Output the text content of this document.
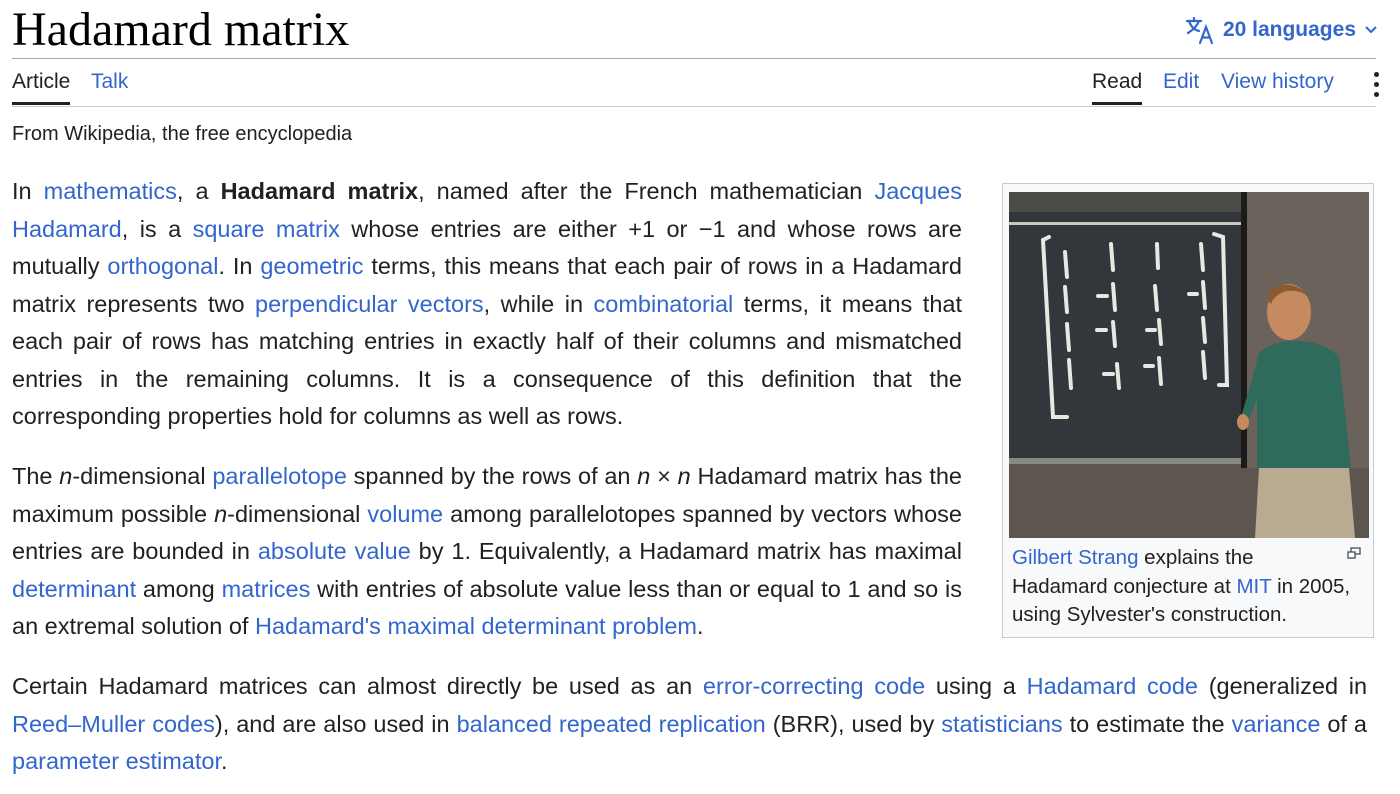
Hadamard matrix	20 languages
Article Talk	Read Edit View history
From Wikipedia, the free encyclopedia

In mathematics, a Hadamard matrix, named after the French mathematician Jacques Hadamard, is a square matrix whose entries are either +1 or −1 and whose rows are mutually orthogonal. In geometric terms, this means that each pair of rows in a Hadamard matrix represents two perpendicular vectors, while in combinatorial terms, it means that each pair of rows has matching entries in exactly half of their columns and mismatched entries in the remaining columns. It is a consequence of this definition that the corresponding properties hold for columns as well as rows.

The n-dimensional parallelotope spanned by the rows of an n × n Hadamard matrix has the maximum possible n-dimensional volume among parallelotopes spanned by vectors whose entries are bounded in absolute value by 1. Equivalently, a Hadamard matrix has maximal determinant among matrices with entries of absolute value less than or equal to 1 and so is an extremal solution of Hadamard's maximal determinant problem.

Certain Hadamard matrices can almost directly be used as an error-correcting code using a Hadamard code (generalized in Reed–Muller codes), and are also used in balanced repeated replication (BRR), used by statisticians to estimate the variance of a parameter estimator.

Gilbert Strang explains the Hadamard conjecture at MIT in 2005, using Sylvester's construction.
